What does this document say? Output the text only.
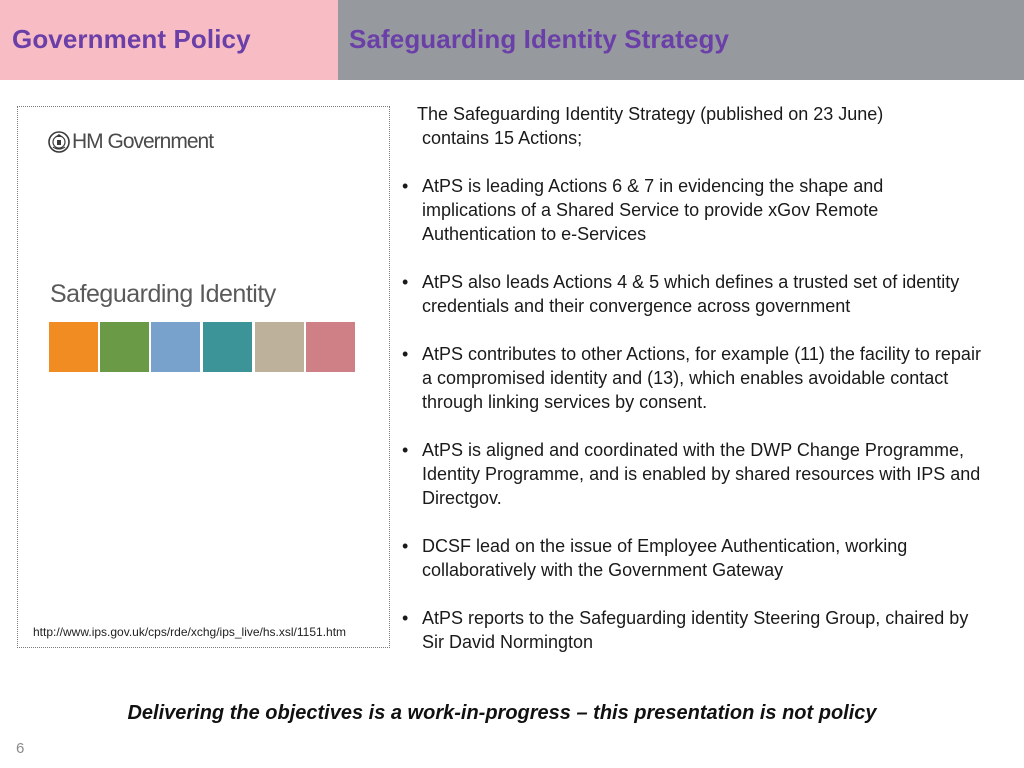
Government Policy	Safeguarding Identity Strategy
HM Government
Safeguarding Identity
http://www.ips.gov.uk/cps/rde/xchg/ips_live/hs.xsl/1151.htm

The Safeguarding Identity Strategy (published on 23 June)
contains 15 Actions;

• AtPS is leading Actions 6 & 7 in evidencing the shape and implications of a Shared Service to provide xGov Remote Authentication to e-Services
• AtPS also leads Actions 4 & 5 which defines a trusted set of identity credentials and their convergence across government
• AtPS contributes to other Actions, for example (11) the facility to repair a compromised identity and (13), which enables avoidable contact through linking services by consent.
• AtPS is aligned and coordinated with the DWP Change Programme, Identity Programme, and is enabled by shared resources with IPS and Directgov.
• DCSF lead on the issue of Employee Authentication, working collaboratively with the Government Gateway
• AtPS reports to the Safeguarding identity Steering Group, chaired by Sir David Normington
Delivering the objectives is a work-in-progress – this presentation is not policy
6
